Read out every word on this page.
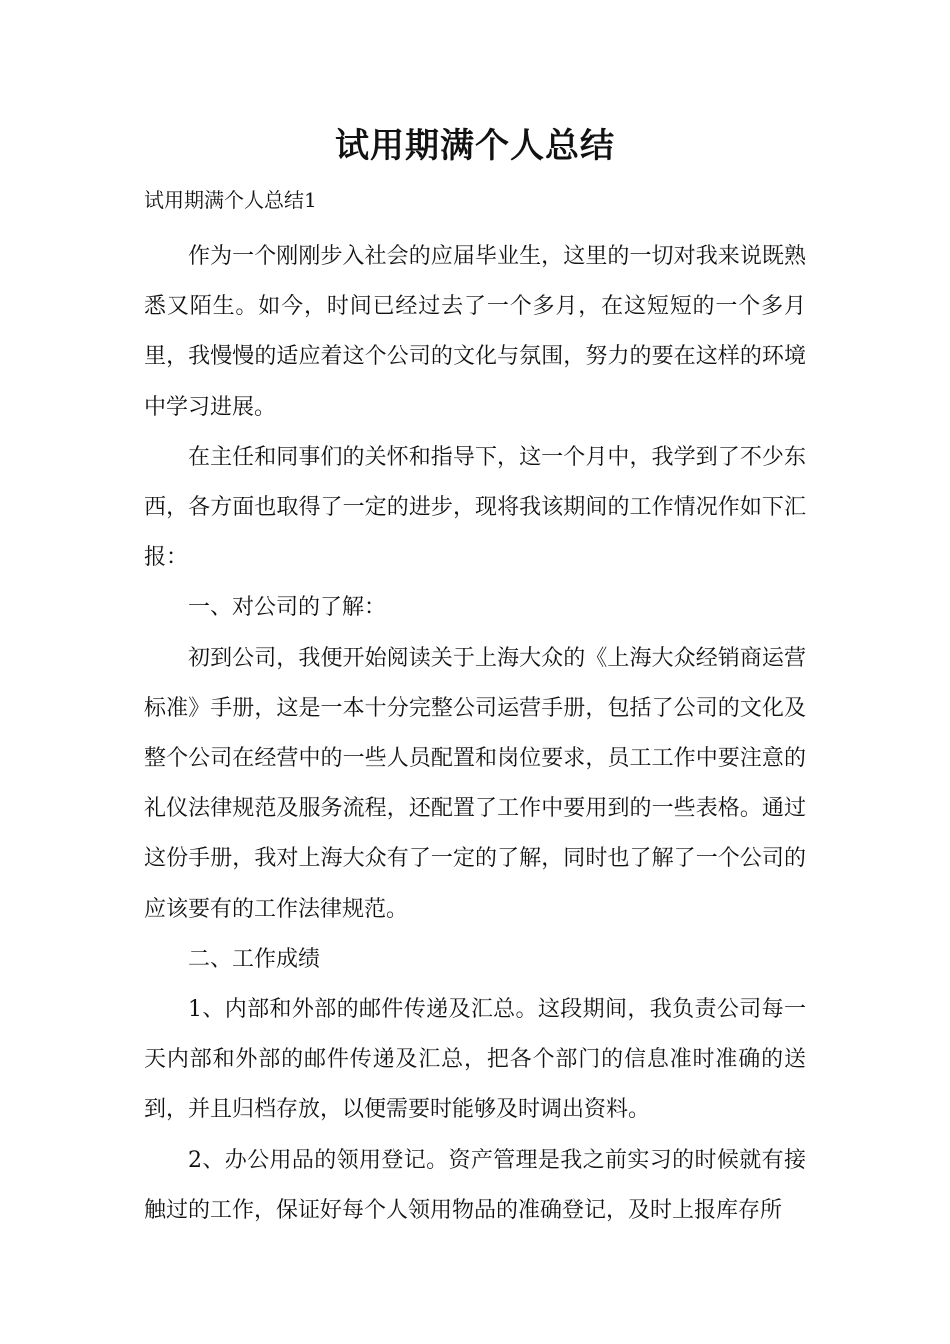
试用期满个人总结
试用期满个人总结1

作为一个刚刚步入社会的应届毕业生，这里的一切对我来说既熟悉又陌生。如今，时间已经过去了一个多月，在这短短的一个多月里，我慢慢的适应着这个公司的文化与氛围，努力的要在这样的环境中学习进展。

在主任和同事们的关怀和指导下，这一个月中，我学到了不少东西，各方面也取得了一定的进步，现将我该期间的工作情况作如下汇报：

一、对公司的了解：

初到公司，我便开始阅读关于上海大众的《上海大众经销商运营标准》手册，这是一本十分完整公司运营手册，包括了公司的文化及整个公司在经营中的一些人员配置和岗位要求，员工工作中要注意的礼仪法律规范及服务流程，还配置了工作中要用到的一些表格。通过这份手册，我对上海大众有了一定的了解，同时也了解了一个公司的应该要有的工作法律规范。

二、工作成绩

1、内部和外部的邮件传递及汇总。这段期间，我负责公司每一天内部和外部的邮件传递及汇总，把各个部门的信息准时准确的送到，并且归档存放，以便需要时能够及时调出资料。

2、办公用品的领用登记。资产管理是我之前实习的时候就有接触过的工作，保证好每个人领用物品的准确登记，及时上报库存所
